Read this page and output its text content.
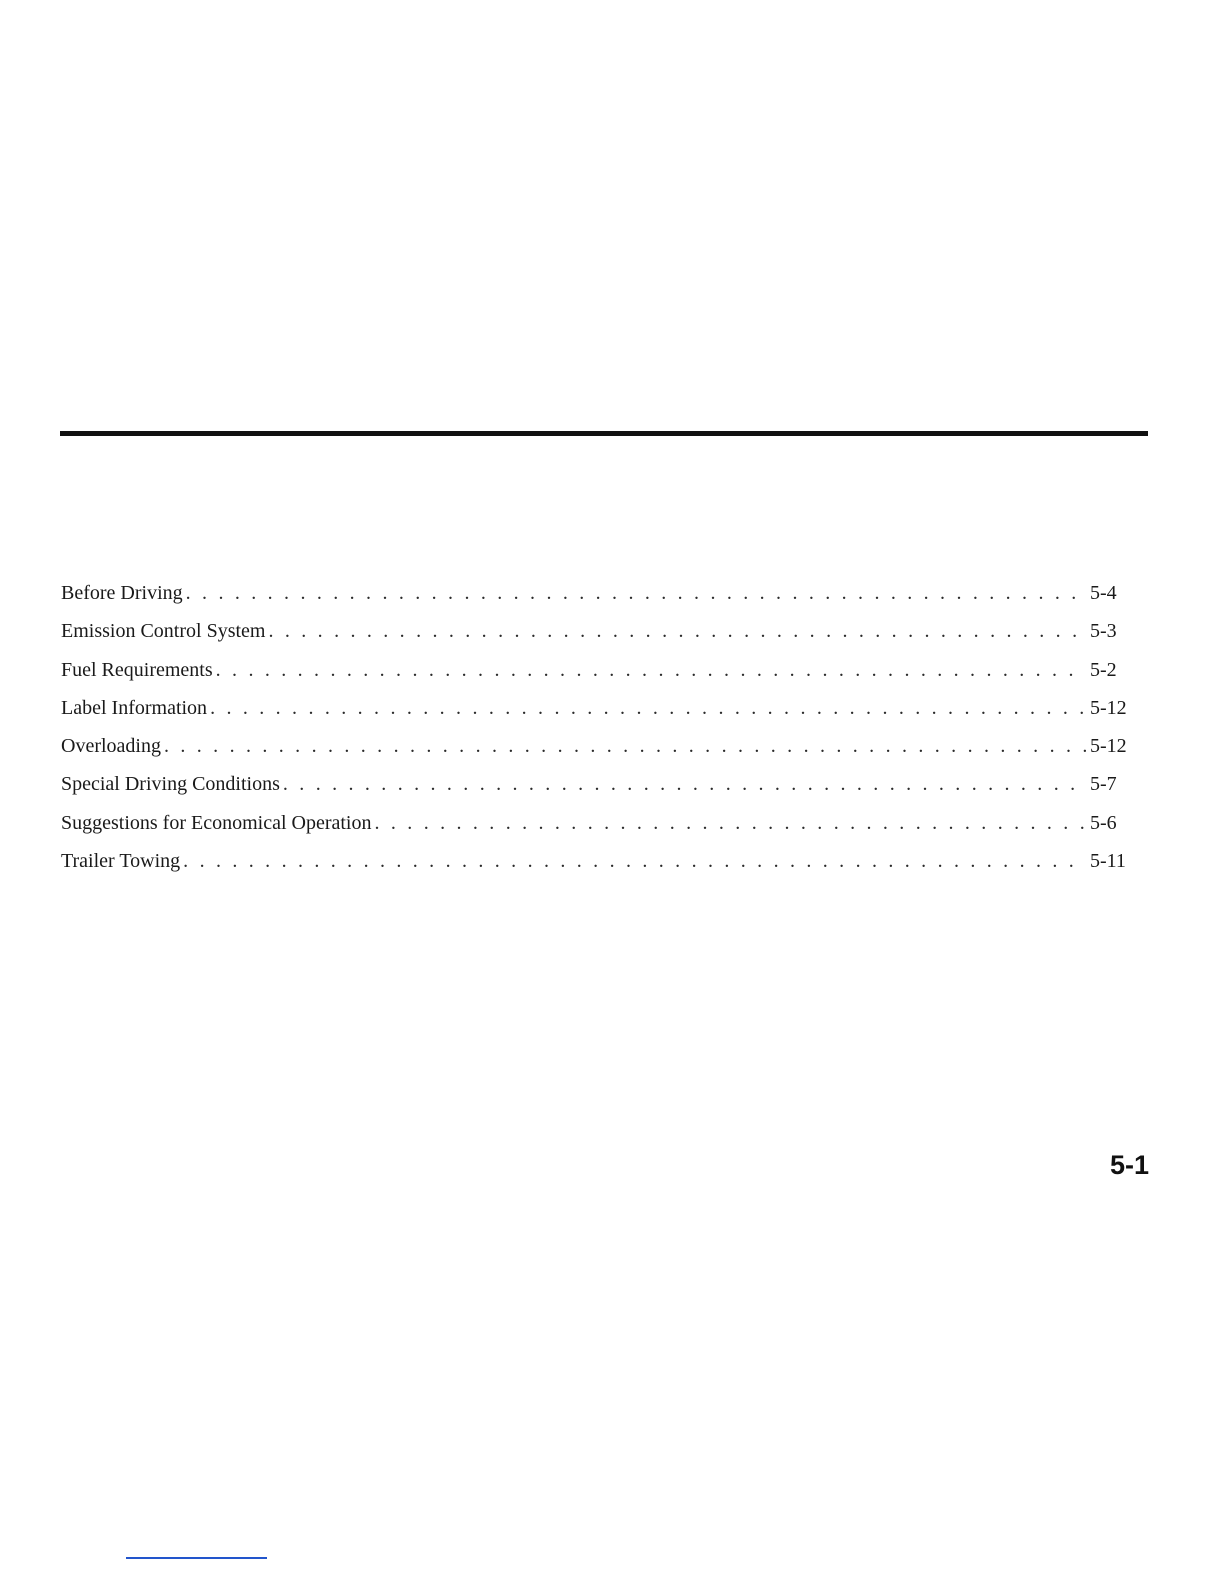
Before Driving . . .	5-4
Emission Control System . . .	5-3
Fuel Requirements . . .	5-2
Label Information . . .	5-12
Overloading . . .	5-12
Special Driving Conditions . . .	5-7
Suggestions for Economical Operation . . .	5-6
Trailer Towing . . .	5-11
5-1
